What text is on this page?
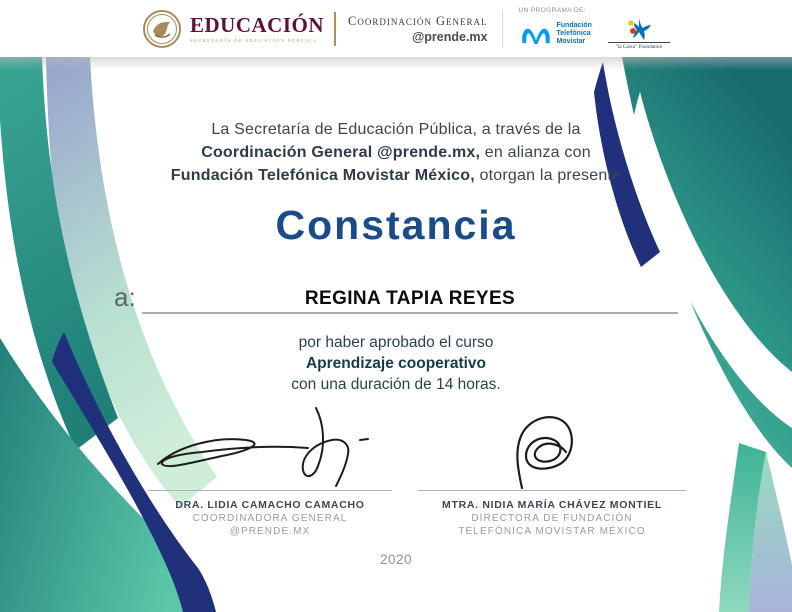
EDUCACIÓN
SECRETARÍA DE EDUCACIÓN PÚBLICA
Coordinación General
@prende.mx
UN PROGRAMA DE:
Fundación
Telefónica
Movistar
"la Caixa" Foundation
La Secretaría de Educación Pública, a través de la
Coordinación General @prende.mx, en alianza con
Fundación Telefónica Movistar México, otorgan la presente
Constancia
a:	REGINA TAPIA REYES
por haber aprobado el curso
Aprendizaje cooperativo
con una duración de 14 horas.
DRA. LIDIA CAMACHO CAMACHO
COORDINADORA GENERAL
@PRENDE.MX
MTRA. NIDIA MARÍA CHÁVEZ MONTIEL
DIRECTORA DE FUNDACIÓN
TELEFÓNICA MOVISTAR MÉXICO
2020
